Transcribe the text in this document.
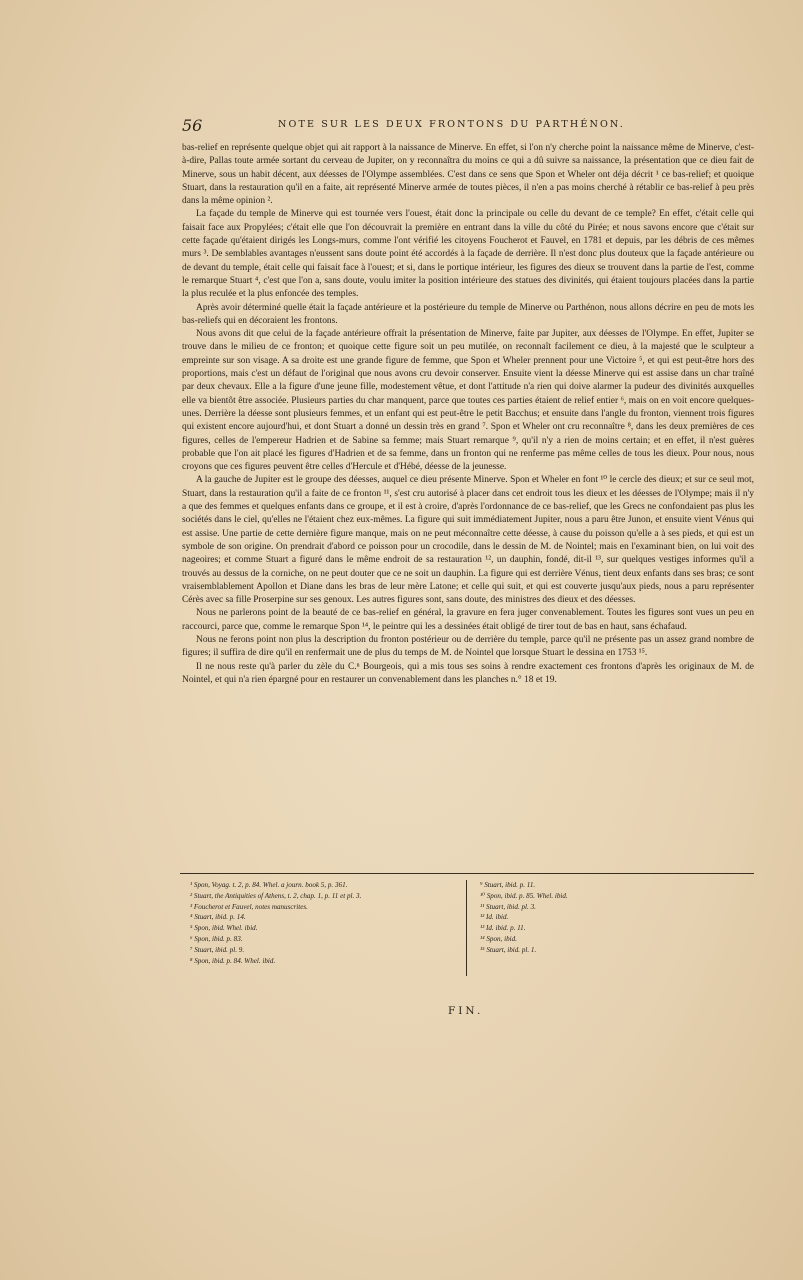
56	NOTE SUR LES DEUX FRONTONS DU PARTHÉNON.

bas-relief en représente quelque objet qui ait rapport à la naissance de Minerve. En effet, si l'on n'y cherche point la naissance même de Minerve, c'est-à-dire, Pallas toute armée sortant du cerveau de Jupiter, on y reconnaîtra du moins ce qui a dû suivre sa naissance, la présentation que ce dieu fait de Minerve, sous un habit décent, aux déesses de l'Olympe assemblées. C'est dans ce sens que Spon et Wheler ont déja décrit ¹ ce bas-relief; et quoique Stuart, dans la restauration qu'il en a faite, ait représenté Minerve armée de toutes pièces, il n'en a pas moins cherché à rétablir ce bas-relief à peu près dans la même opinion ².

La façade du temple de Minerve qui est tournée vers l'ouest, était donc la principale ou celle du devant de ce temple? En effet, c'était celle qui faisait face aux Propylées; c'était elle que l'on découvrait la première en entrant dans la ville du côté du Pirée; et nous savons encore que c'était sur cette façade qu'étaient dirigés les Longs-murs, comme l'ont vérifié les citoyens Foucherot et Fauvel, en 1781 et depuis, par les débris de ces mêmes murs ³. De semblables avantages n'eussent sans doute point été accordés à la façade de derrière. Il n'est donc plus douteux que la façade antérieure ou de devant du temple, était celle qui faisait face à l'ouest; et si, dans le portique intérieur, les figures des dieux se trouvent dans la partie de l'est, comme le remarque Stuart ⁴, c'est que l'on a, sans doute, voulu imiter la position intérieure des statues des divinités, qui étaient toujours placées dans la partie la plus reculée et la plus enfoncée des temples.

Après avoir déterminé quelle était la façade antérieure et la postérieure du temple de Minerve ou Parthénon, nous allons décrire en peu de mots les bas-reliefs qui en décoraient les frontons.

Nous avons dit que celui de la façade antérieure offrait la présentation de Minerve, faite par Jupiter, aux déesses de l'Olympe. En effet, Jupiter se trouve dans le milieu de ce fronton; et quoique cette figure soit un peu mutilée, on reconnaît facilement ce dieu, à la majesté que le sculpteur a empreinte sur son visage. A sa droite est une grande figure de femme, que Spon et Wheler prennent pour une Victoire ⁵, et qui est peut-être hors des proportions, mais c'est un défaut de l'original que nous avons cru devoir conserver. Ensuite vient la déesse Minerve qui est assise dans un char traîné par deux chevaux. Elle a la figure d'une jeune fille, modestement vêtue, et dont l'attitude n'a rien qui doive alarmer la pudeur des divinités auxquelles elle va bientôt être associée. Plusieurs parties du char manquent, parce que toutes ces parties étaient de relief entier ⁶, mais on en voit encore quelques-unes. Derrière la déesse sont plusieurs femmes, et un enfant qui est peut-être le petit Bacchus; et ensuite dans l'angle du fronton, viennent trois figures qui existent encore aujourd'hui, et dont Stuart a donné un dessin très en grand ⁷. Spon et Wheler ont cru reconnaître ⁸, dans les deux premières de ces figures, celles de l'empereur Hadrien et de Sabine sa femme; mais Stuart remarque ⁹, qu'il n'y a rien de moins certain; et en effet, il n'est guères probable que l'on ait placé les figures d'Hadrien et de sa femme, dans un fronton qui ne renferme pas même celles de tous les dieux. Pour nous, nous croyons que ces figures peuvent être celles d'Hercule et d'Hébé, déesse de la jeunesse.

A la gauche de Jupiter est le groupe des déesses, auquel ce dieu présente Minerve. Spon et Wheler en font ¹⁰ le cercle des dieux; et sur ce seul mot, Stuart, dans la restauration qu'il a faite de ce fronton ¹¹, s'est cru autorisé à placer dans cet endroit tous les dieux et les déesses de l'Olympe; mais il n'y a que des femmes et quelques enfants dans ce groupe, et il est à croire, d'après l'ordonnance de ce bas-relief, que les Grecs ne confondaient pas plus les sociétés dans le ciel, qu'elles ne l'étaient chez eux-mêmes. La figure qui suit immédiatement Jupiter, nous a paru être Junon, et ensuite vient Vénus qui est assise. Une partie de cette dernière figure manque, mais on ne peut méconnaître cette déesse, à cause du poisson qu'elle a à ses pieds, et qui est un symbole de son origine. On prendrait d'abord ce poisson pour un crocodile, dans le dessin de M. de Nointel; mais en l'examinant bien, on lui voit des nageoires; et comme Stuart a figuré dans le même endroit de sa restauration ¹², un dauphin, fondé, dit-il ¹³, sur quelques vestiges informes qu'il a trouvés au dessus de la corniche, on ne peut douter que ce ne soit un dauphin. La figure qui est derrière Vénus, tient deux enfants dans ses bras; ce sont vraisemblablement Apollon et Diane dans les bras de leur mère Latone; et celle qui suit, et qui est couverte jusqu'aux pieds, nous a paru représenter Cérès avec sa fille Proserpine sur ses genoux. Les autres figures sont, sans doute, des ministres des dieux et des déesses.

Nous ne parlerons point de la beauté de ce bas-relief en général, la gravure en fera juger convenablement. Toutes les figures sont vues un peu en raccourci, parce que, comme le remarque Spon ¹⁴, le peintre qui les a dessinées était obligé de tirer tout de bas en haut, sans échafaud.

Nous ne ferons point non plus la description du fronton postérieur ou de derrière du temple, parce qu'il ne présente pas un assez grand nombre de figures; il suffira de dire qu'il en renfermait une de plus du temps de M. de Nointel que lorsque Stuart le dessina en 1753 ¹⁵.

Il ne nous reste qu'à parler du zèle du C.ⁿ Bourgeois, qui a mis tous ses soins à rendre exactement ces frontons d'après les originaux de M. de Nointel, et qui n'a rien épargné pour en restaurer un convenablement dans les planches n.° 18 et 19.

¹ Spon, Voyag. t. 2, p. 84. Whel. a journ. book 5, p. 361.
² Stuart, the Antiquities of Athens, t. 2, chap. 1, p. 11 et pl. 3.
³ Foucherot et Fauvel, notes manuscrites.
⁴ Stuart, ibid. p. 14.
⁵ Spon, ibid. Whel. ibid.
⁶ Spon, ibid. p. 83.
⁷ Stuart, ibid. pl. 9.
⁸ Spon, ibid. p. 84. Whel. ibid.
⁹ Stuart, ibid. p. 11.
¹⁰ Spon, ibid. p. 85. Whel. ibid.
¹¹ Stuart, ibid. pl. 3.
¹² Id. ibid.
¹³ Id. ibid. p. 11.
¹⁴ Spon, ibid.
¹⁵ Stuart, ibid. pl. 1.
FIN.
